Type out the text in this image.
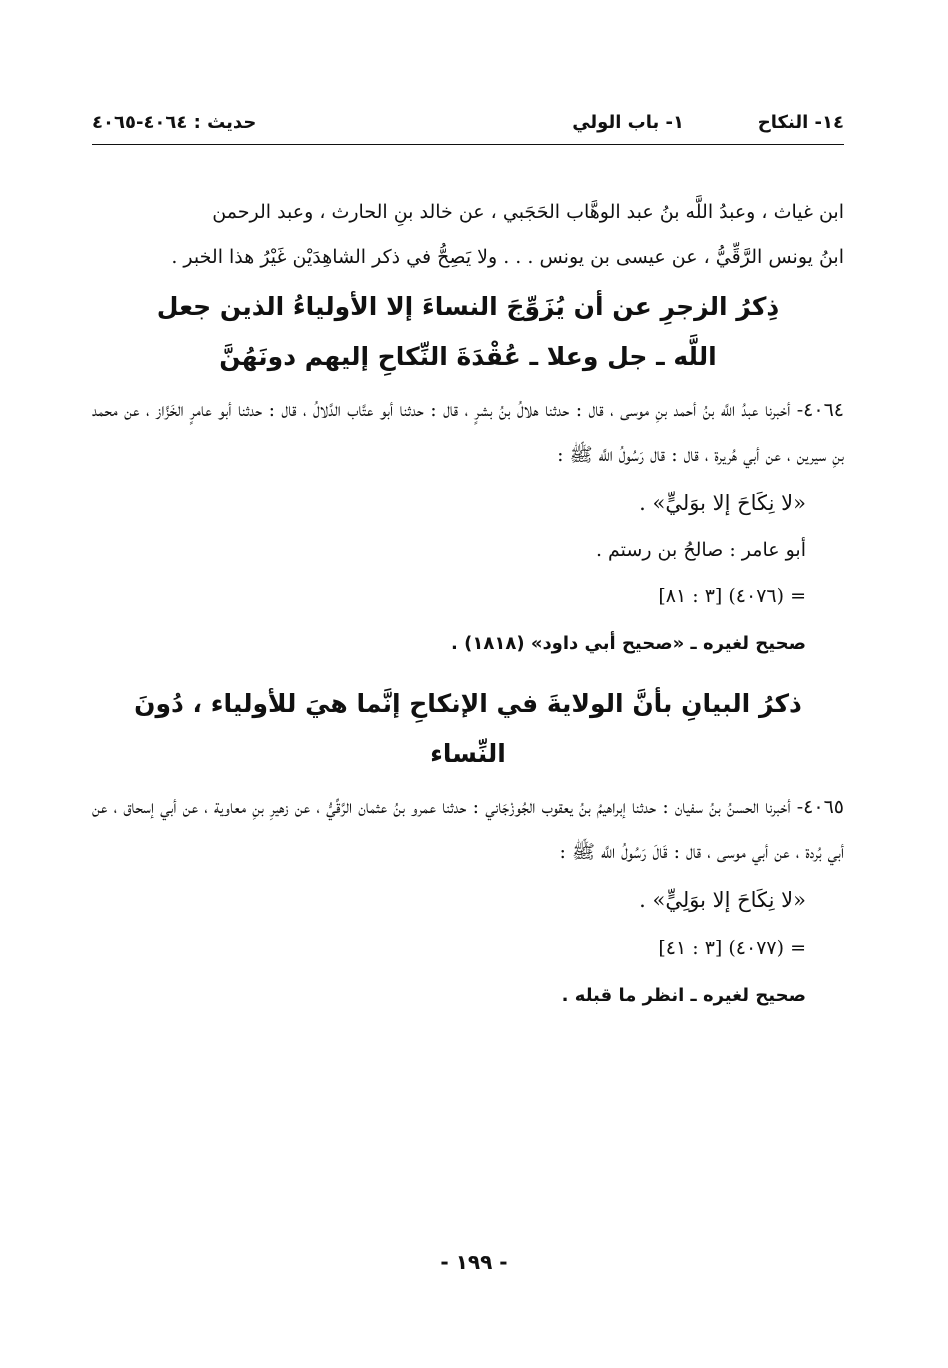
١٤- النكاح
١- باب الولي
حديث : ٤٠٦٤-٤٠٦٥

ابن غياث ، وعبدُ اللَّه بنُ عبد الوهَّاب الحَجَبي ، عن خالد بنِ الحارث ، وعبد الرحمن

ابنُ يونس الرَّقِّيُّ ، عن عيسى بن يونس . . . ولا يَصِحُّ في ذكر الشاهِدَيْن غَيْرُ هذا الخبر .

ذِكرُ الزجرِ عن أن يُزَوِّجَ النساءَ إلا الأولياءُ الذين جعل
اللَّه ـ جل وعلا ـ عُقْدَةَ النِّكاحِ إليهم دونَهُنَّ

٤٠٦٤- أخبرنا عبدُ اللَّه بنُ أحمد بنِ موسى ، قال : حدثنا هلالُ بنُ بشرٍ ، قال : حدثنا أبو عتَّاب الدَّلالُ ، قال : حدثنا أبو عامرٍ الخَزَّاز ، عن محمد بنِ سيرين ، عن أبي هُريرة ، قال : قال رَسُولُ اللَّه ﷺ :

«لا نِكَاحَ إلا بوَليٍّ» .

أبو عامر : صالحُ بن رستم .

= (٤٠٧٦) [٣ : ٨١]

صحيح لغيره ـ «صحيح أبي داود» (١٨١٨) .

ذكرُ البيانِ بأنَّ الولايةَ في الإنكاحِ إنَّما هيَ للأولياء ، دُونَ النِّساء

٤٠٦٥- أخبرنا الحسنُ بنُ سفيان : حدثنا إبراهيمُ بنُ يعقوب الجُوزْجَاني : حدثنا عمرو بنُ عثمان الرَّقِّيُّ ، عن زهيرِ بنِ معاوية ، عن أبي إسحاق ، عن أبي بُردة ، عن أبي موسى ، قال : قَالَ رَسُولُ اللَّه ﷺ :

«لا نِكَاحَ إلا بوَلِيٍّ» .

= (٤٠٧٧) [٣ : ٤١]

صحيح لغيره ـ انظر ما قبله .

- ١٩٩ -
